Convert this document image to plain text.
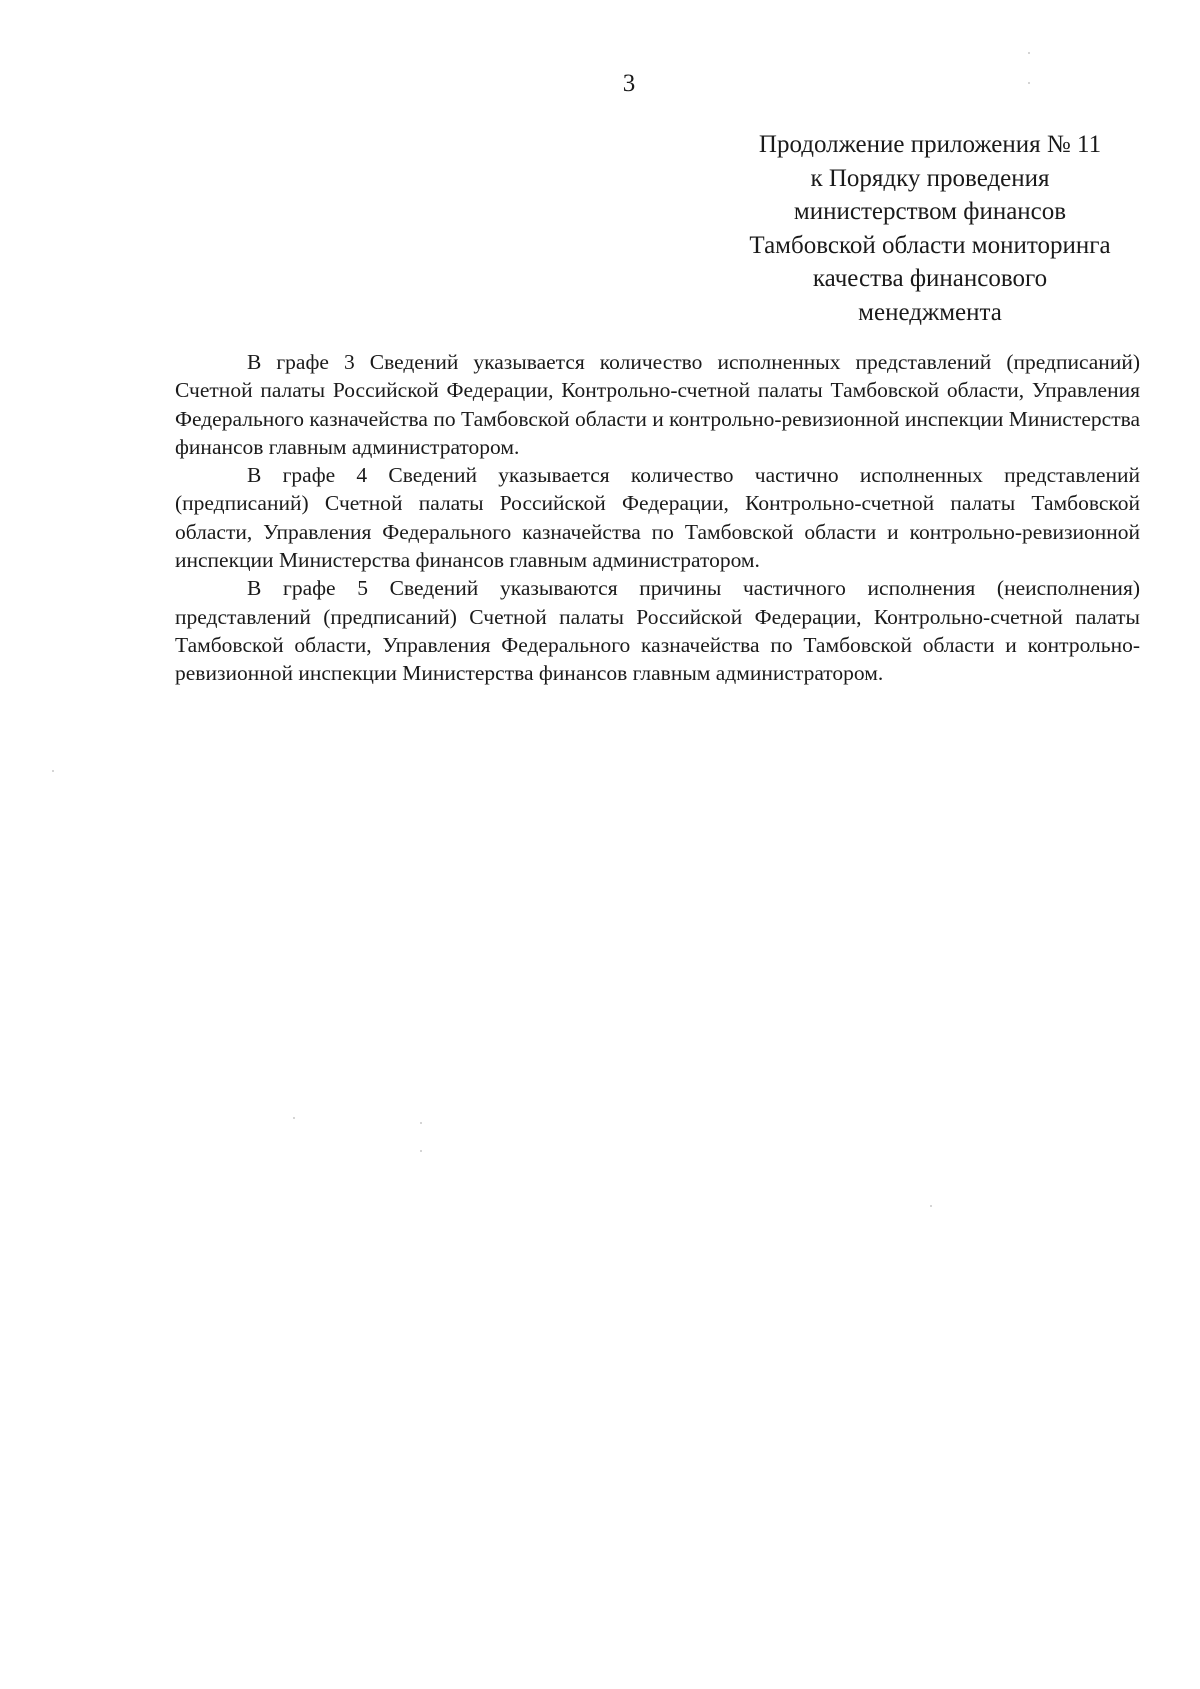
3
Продолжение приложения № 11
к Порядку проведения
министерством финансов
Тамбовской области мониторинга
качества финансового
менеджмента

В графе 3 Сведений указывается количество исполненных представлений (предписаний) Счетной палаты Российской Федерации, Контрольно-счетной палаты Тамбовской области, Управления Федерального казначейства по Тамбовской области и контрольно-ревизионной инспекции Министерства финансов главным администратором.

В графе 4 Сведений указывается количество частично исполненных представлений (предписаний) Счетной палаты Российской Федерации, Контрольно-счетной палаты Тамбовской области, Управления Федерального казначейства по Тамбовской области и контрольно-ревизионной инспекции Министерства финансов главным администратором.

В графе 5 Сведений указываются причины частичного исполнения (неисполнения) представлений (предписаний) Счетной палаты Российской Федерации, Контрольно-счетной палаты Тамбовской области, Управления Федерального казначейства по Тамбовской области и контрольно-ревизионной инспекции Министерства финансов главным администратором.
